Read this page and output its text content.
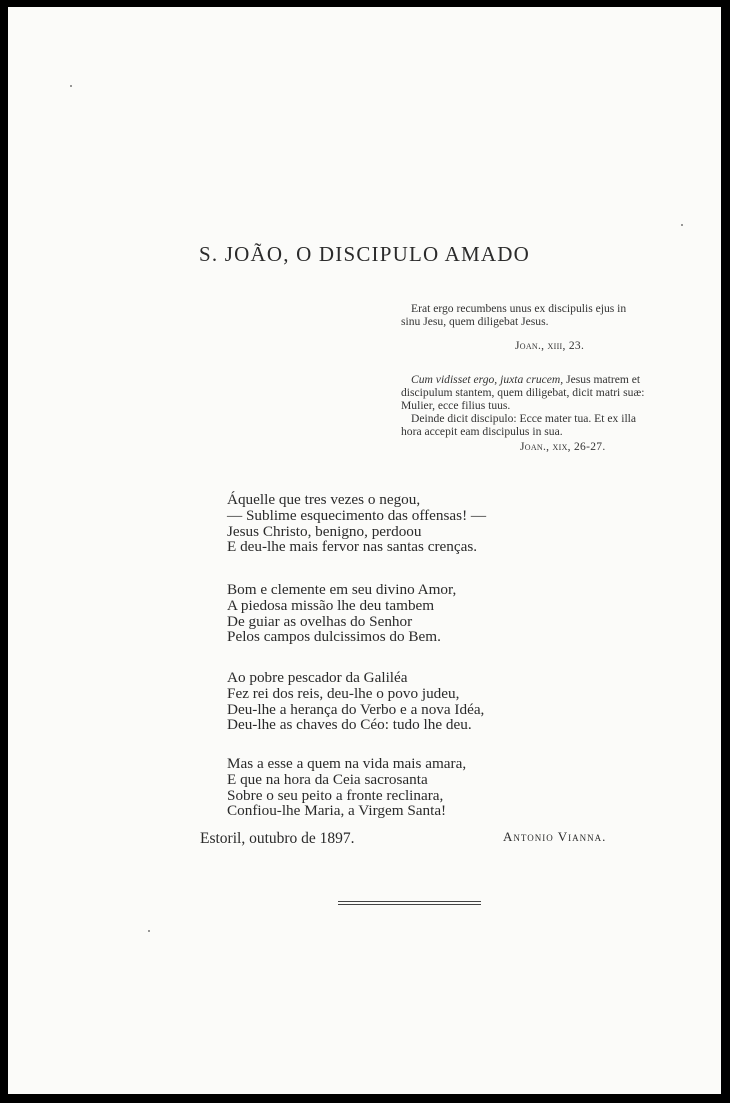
S. JOÃO, O DISCIPULO AMADO
Erat ergo recumbens unus ex discipulis ejus in sinu Jesu, quem diligebat Jesus.
Joan., xiii, 23.
Cum vidisset ergo, juxta crucem, Jesus matrem et discipulum stantem, quem diligebat, dicit matri suæ: Mulier, ecce filius tuus.
Deinde dicit discipulo: Ecce mater tua. Et ex illa hora accepit eam discipulus in sua.
Joan., xix, 26-27.
Áquelle que tres vezes o negou,
— Sublime esquecimento das offensas! —
Jesus Christo, benigno, perdoou
E deu-lhe mais fervor nas santas crenças.
Bom e clemente em seu divino Amor,
A piedosa missão lhe deu tambem
De guiar as ovelhas do Senhor
Pelos campos dulcissimos do Bem.
Ao pobre pescador da Galiléa
Fez rei dos reis, deu-lhe o povo judeu,
Deu-lhe a herança do Verbo e a nova Idéa,
Deu-lhe as chaves do Céo: tudo lhe deu.
Mas a esse a quem na vida mais amara,
E que na hora da Ceia sacrosanta
Sobre o seu peito a fronte reclinara,
Confiou-lhe Maria, a Virgem Santa!
Estoril, outubro de 1897.	Antonio Vianna.
